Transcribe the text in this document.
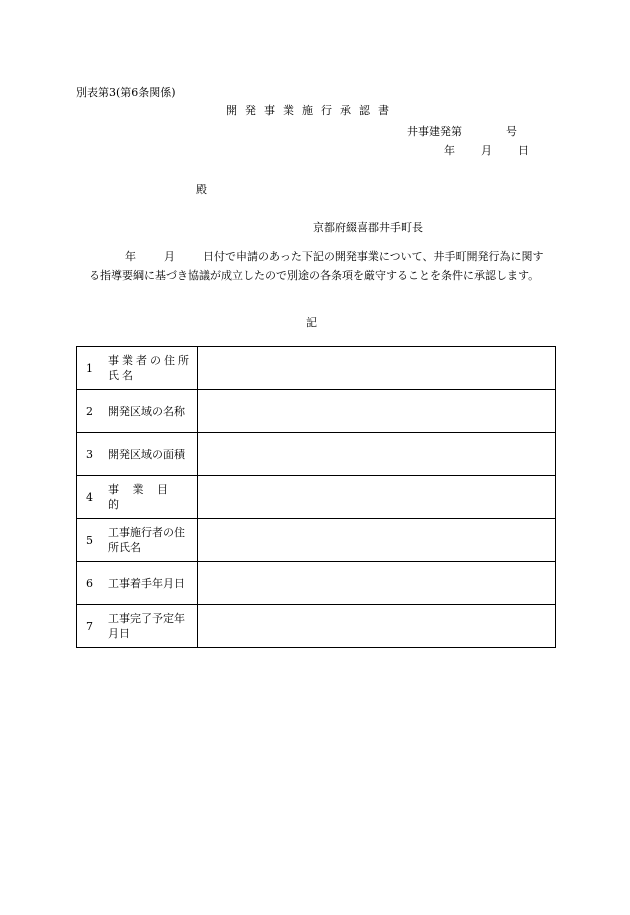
別表第3(第6条関係)
開発事業施行承認書
井事建発第	号
年 月 日
殿
京都府綴喜郡井手町長
年	月	日付で申請のあった下記の開発事業について、井手町開発行為に関する指導要綱に基づき協議が成立したので別途の各条項を厳守することを条件に承認します。
記
1
事業者の住所
氏名	

2 開発区域の名称	

3 開発区域の面積	

4
事 業 目 的	

5
工事施行者の住
所氏名	

6 工事着手年月日	

7
工事完了予定年
月日	
